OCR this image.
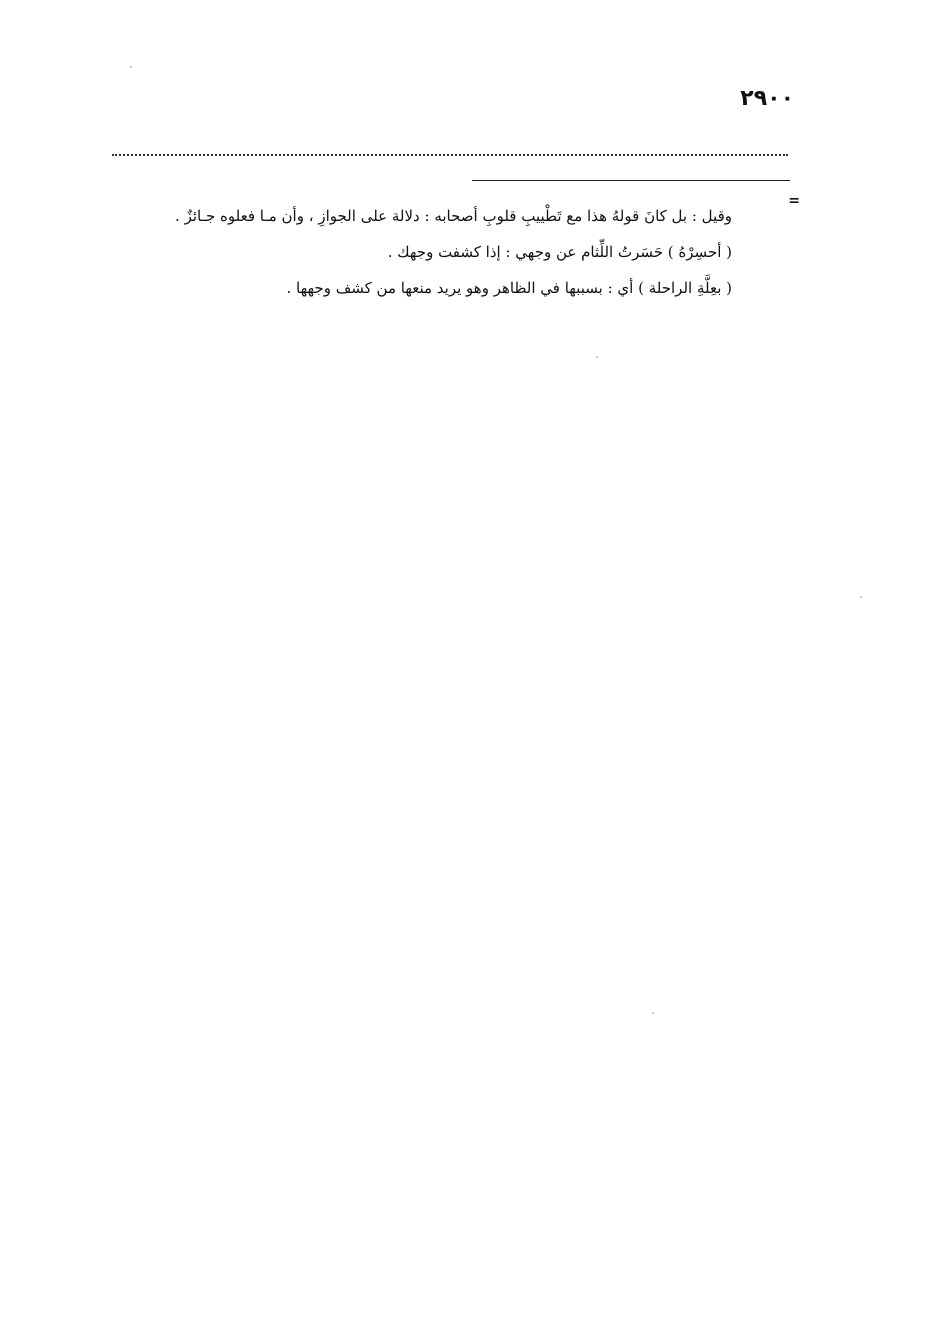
٢٩٠٠
=
وقيل : بل كانَ قولهُ هذا مع تَطْييبِ قلوبِ أصحابه : دلالة على الجوازِ ، وأن مـا فعلوه جـائزٌ .
( أحسِرْهُ ) حَسَرتُ اللِّثام عن وجهي : إذا كشفت وجهك .
( بعِلَّةِ الراحلة ) أي : بسببها في الظاهر وهو يريد منعها من كشف وجهها .
